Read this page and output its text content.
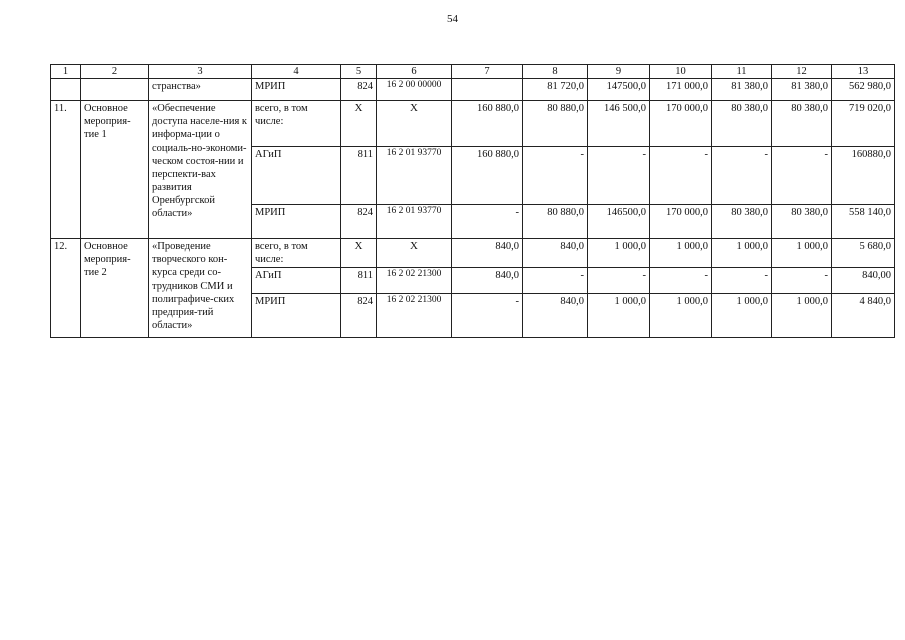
54
1	2	3	4	5	6	7	8	9	10	11	12	13
		странства»	МРИП	824	16 2 00 00000		81 720,0	147500,0	171 000,0	81 380,0	81 380,0	562 980,0
11.	Основное мероприя-тие 1	«Обеспечение доступа населе-ния к информа-ции о социаль-но-экономи-ческом состоя-нии и перспекти-вах развития Оренбургской области»	всего, в том числе:	Х	Х	160 880,0	80 880,0	146 500,0	170 000,0	80 380,0	80 380,0	719 020,0
			АГиП	811	16 2 01 93770	160 880,0	-	-	-	-	-	160880,0
			МРИП	824	16 2 01 93770	-	80 880,0	146500,0	170 000,0	80 380,0	80 380,0	558 140,0
12.	Основное мероприя-тие 2	«Проведение творческого кон-курса среди со-трудников СМИ и полиграфиче-ских предприя-тий области»	всего, в том числе:	Х	Х	840,0	840,0	1 000,0	1 000,0	1 000,0	1 000,0	5 680,0
			АГиП	811	16 2 02 21300	840,0	-	-	-	-	-	840,00
			МРИП	824	16 2 02 21300	-	840,0	1 000,0	1 000,0	1 000,0	1 000,0	4 840,0
